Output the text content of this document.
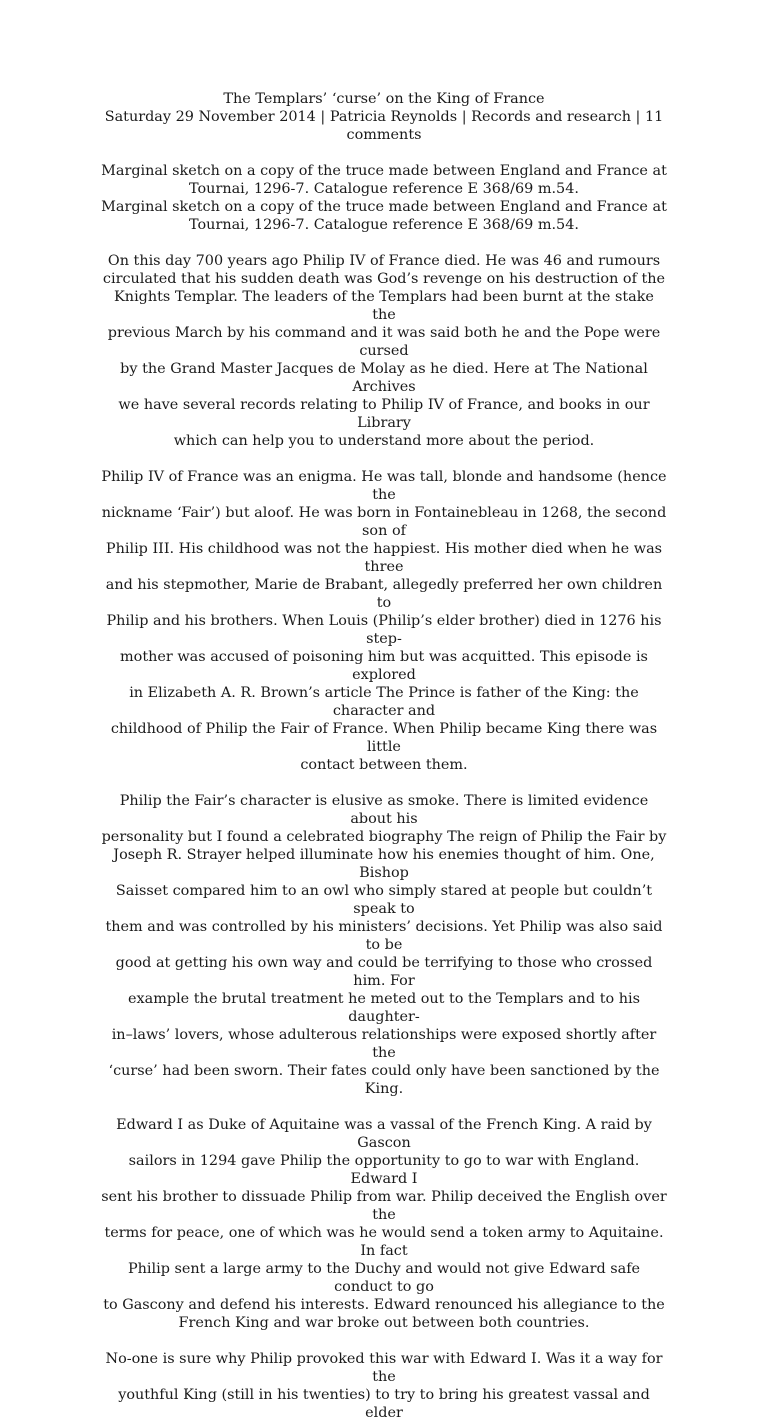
The Templars’ ‘curse’ on the King of France
Saturday 29 November 2014 | Patricia Reynolds | Records and research | 11
comments

Marginal sketch on a copy of the truce made between England and France at
Tournai, 1296-7. Catalogue reference E 368/69 m.54.
Marginal sketch on a copy of the truce made between England and France at
Tournai, 1296-7. Catalogue reference E 368/69 m.54.

On this day 700 years ago Philip IV of France died. He was 46 and rumours
circulated that his sudden death was God’s revenge on his destruction of the
Knights Templar. The leaders of the Templars had been burnt at the stake the
previous March by his command and it was said both he and the Pope were cursed
by the Grand Master Jacques de Molay as he died. Here at The National Archives
we have several records relating to Philip IV of France, and books in our Library
which can help you to understand more about the period.

Philip IV of France was an enigma. He was tall, blonde and handsome (hence the
nickname ‘Fair’) but aloof. He was born in Fontainebleau in 1268, the second son of
Philip III. His childhood was not the happiest. His mother died when he was three
and his stepmother, Marie de Brabant, allegedly preferred her own children to
Philip and his brothers. When Louis (Philip’s elder brother) died in 1276 his step-
mother was accused of poisoning him but was acquitted. This episode is explored
in Elizabeth A. R. Brown’s article The Prince is father of the King: the character and
childhood of Philip the Fair of France. When Philip became King there was little
contact between them.

Philip the Fair’s character is elusive as smoke. There is limited evidence about his
personality but I found a celebrated biography The reign of Philip the Fair by
Joseph R. Strayer helped illuminate how his enemies thought of him. One, Bishop
Saisset compared him to an owl who simply stared at people but couldn’t speak to
them and was controlled by his ministers’ decisions. Yet Philip was also said to be
good at getting his own way and could be terrifying to those who crossed him. For
example the brutal treatment he meted out to the Templars and to his daughter-
in–laws’ lovers, whose adulterous relationships were exposed shortly after the
‘curse’ had been sworn. Their fates could only have been sanctioned by the King.

Edward I as Duke of Aquitaine was a vassal of the French King. A raid by Gascon
sailors in 1294 gave Philip the opportunity to go to war with England. Edward I
sent his brother to dissuade Philip from war. Philip deceived the English over the
terms for peace, one of which was he would send a token army to Aquitaine. In fact
Philip sent a large army to the Duchy and would not give Edward safe conduct to go
to Gascony and defend his interests. Edward renounced his allegiance to the
French King and war broke out between both countries.

No-one is sure why Philip provoked this war with Edward I. Was it a way for the
youthful King (still in his twenties) to try to bring his greatest vassal and elder
